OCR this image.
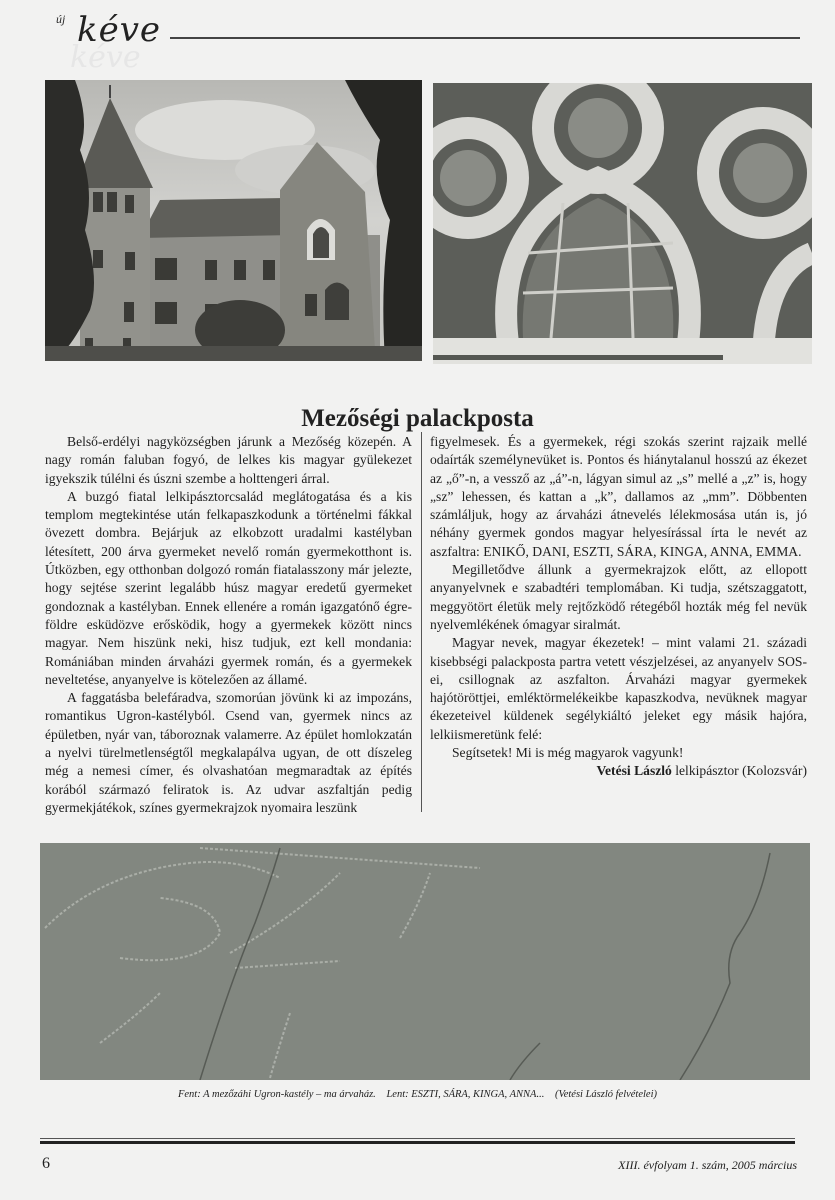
kéve
új kéve
Mezőségi palackposta

Belső-erdélyi nagyközségben járunk a Mezőség közepén. A nagy román faluban fogyó, de lelkes kis magyar gyülekezet igyekszik túlélni és úszni szembe a holttengeri árral.

A buzgó fiatal lelkipásztorcsalád meglátogatása és a kis templom megtekintése után felkapaszkodunk a történelmi fákkal övezett dombra. Bejárjuk az elkobzott uradalmi kastélyban létesített, 200 árva gyermeket nevelő román gyermekotthont is. Útközben, egy otthonban dolgozó román fiatalasszony már jelezte, hogy sejtése szerint legalább húsz magyar eredetű gyermeket gondoznak a kastélyban. Ennek ellenére a román igazgatónő égre-földre esküdözve erősködik, hogy a gyermekek között nincs magyar. Nem hiszünk neki, hisz tudjuk, ezt kell mondania: Romániában minden árvaházi gyermek román, és a gyermekek neveltetése, anyanyelve is kötelezően az államé.

A faggatásba belefáradva, szomorúan jövünk ki az impozáns, romantikus Ugron-kastélyból. Csend van, gyermek nincs az épületben, nyár van, táboroznak valamerre. Az épület homlokzatán a nyelvi türelmetlenségtől megkalapálva ugyan, de ott díszeleg még a nemesi címer, és olvashatóan megmaradtak az építés korából származó feliratok is. Az udvar aszfaltján pedig gyermekjátékok, színes gyermekrajzok nyomaira leszünk

figyelmesek. És a gyermekek, régi szokás szerint rajzaik mellé odaírták személynevüket is. Pontos és hiánytalanul hosszú az ékezet az „ő”-n, a vessző az „á”-n, lágyan simul az „s” mellé a „z” is, hogy „sz” lehessen, és kattan a „k”, dallamos az „mm”. Döbbenten számláljuk, hogy az árvaházi átnevelés lélekmosása után is, jó néhány gyermek gondos magyar helyesírással írta le nevét az aszfaltra: ENIKŐ, DANI, ESZTI, SÁRA, KINGA, ANNA, EMMA.

Megilletődve állunk a gyermekrajzok előtt, az ellopott anyanyelvnek e szabadtéri templomában. Ki tudja, szétszaggatott, meggyötört életük mely rejtőzködő rétegéből hozták még fel nevük nyelvemlékének ómagyar siralmát.

Magyar nevek, magyar ékezetek! – mint valami 21. századi kisebbségi palackposta partra vetett vészjelzései, az anyanyelv SOS-ei, csillognak az aszfalton. Árvaházi magyar gyermekek hajótöröttjei, emléktörmelékeikbe kapaszkodva, nevüknek magyar ékezeteivel küldenek segélykiáltó jeleket egy másik hajóra, lelkiismeretünk felé:

Segítsetek! Mi is még magyarok vagyunk!

Vetési László lelkipásztor (Kolozsvár)

Fent: A mezőzáhi Ugron-kastély – ma árvaház. Lent: ESZTI, SÁRA, KINGA, ANNA... (Vetési László felvételei)
6	XIII. évfolyam 1. szám, 2005 március
